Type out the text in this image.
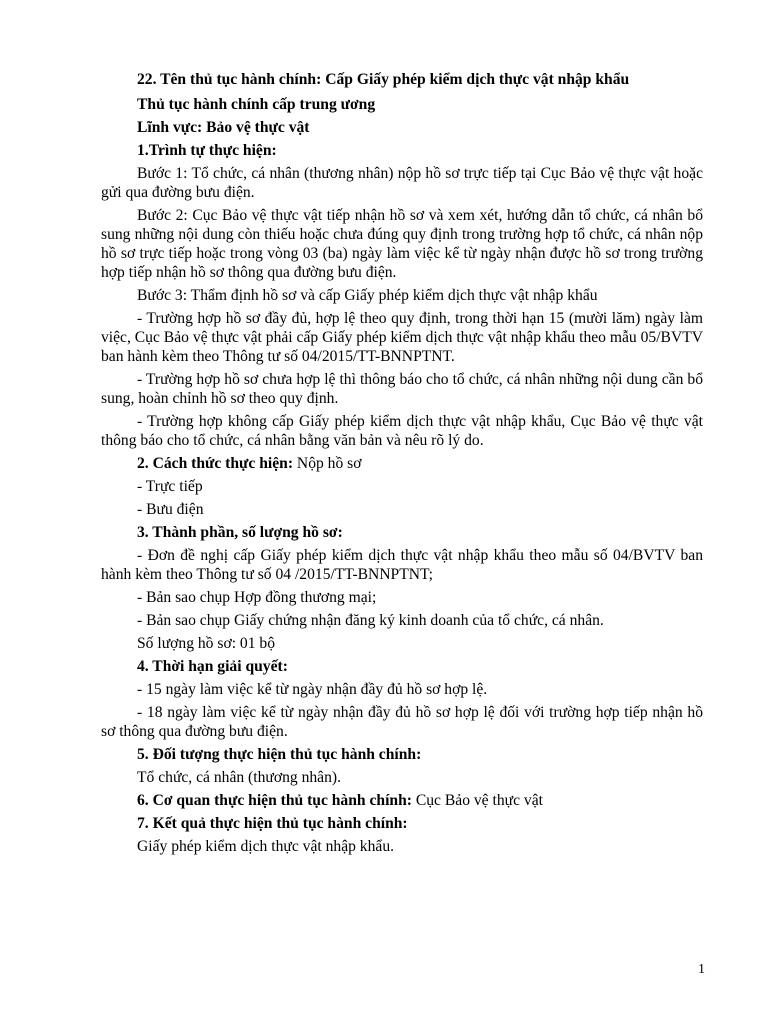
22. Tên thủ tục hành chính: Cấp Giấy phép kiểm dịch thực vật nhập khẩu

Thủ tục hành chính cấp trung ương

Lĩnh vực: Bảo vệ thực vật

1.Trình tự thực hiện:

Bước 1: Tổ chức, cá nhân (thương nhân) nộp hồ sơ trực tiếp tại Cục Bảo vệ thực vật hoặc gửi qua đường bưu điện.

Bước 2: Cục Bảo vệ thực vật tiếp nhận hồ sơ và xem xét, hướng dẫn tổ chức, cá nhân bổ sung những nội dung còn thiếu hoặc chưa đúng quy định trong trường hợp tổ chức, cá nhân nộp hồ sơ trực tiếp hoặc trong vòng 03 (ba) ngày làm việc kể từ ngày nhận được hồ sơ trong trường hợp tiếp nhận hồ sơ thông qua đường bưu điện.

Bước 3: Thẩm định hồ sơ và cấp Giấy phép kiểm dịch thực vật nhập khẩu

- Trường hợp hồ sơ đầy đủ, hợp lệ theo quy định, trong thời hạn 15 (mười lăm) ngày làm việc, Cục Bảo vệ thực vật phải cấp Giấy phép kiểm dịch thực vật nhập khẩu theo mẫu 05/BVTV ban hành kèm theo Thông tư số 04/2015/TT-BNNPTNT.

- Trường hợp hồ sơ chưa hợp lệ thì thông báo cho tổ chức, cá nhân những nội dung cần bổ sung, hoàn chỉnh hồ sơ theo quy định.

- Trường hợp không cấp Giấy phép kiểm dịch thực vật nhập khẩu, Cục Bảo vệ thực vật thông báo cho tổ chức, cá nhân bằng văn bản và nêu rõ lý do.

2. Cách thức thực hiện: Nộp hồ sơ

- Trực tiếp

- Bưu điện

3. Thành phần, số lượng hồ sơ:

- Đơn đề nghị cấp Giấy phép kiểm dịch thực vật nhập khẩu theo mẫu số 04/BVTV ban hành kèm theo Thông tư số 04 /2015/TT-BNNPTNT;

- Bản sao chụp Hợp đồng thương mại;

- Bản sao chụp Giấy chứng nhận đăng ký kinh doanh của tổ chức, cá nhân.

Số lượng hồ sơ: 01 bộ

4. Thời hạn giải quyết:

- 15 ngày làm việc kể từ ngày nhận đầy đủ hồ sơ hợp lệ.

- 18 ngày làm việc kể từ ngày nhận đầy đủ hồ sơ hợp lệ đối với trường hợp tiếp nhận hồ sơ thông qua đường bưu điện.

5. Đối tượng thực hiện thủ tục hành chính:

Tổ chức, cá nhân (thương nhân).

6. Cơ quan thực hiện thủ tục hành chính: Cục Bảo vệ thực vật

7. Kết quả thực hiện thủ tục hành chính:

Giấy phép kiểm dịch thực vật nhập khẩu.

1
